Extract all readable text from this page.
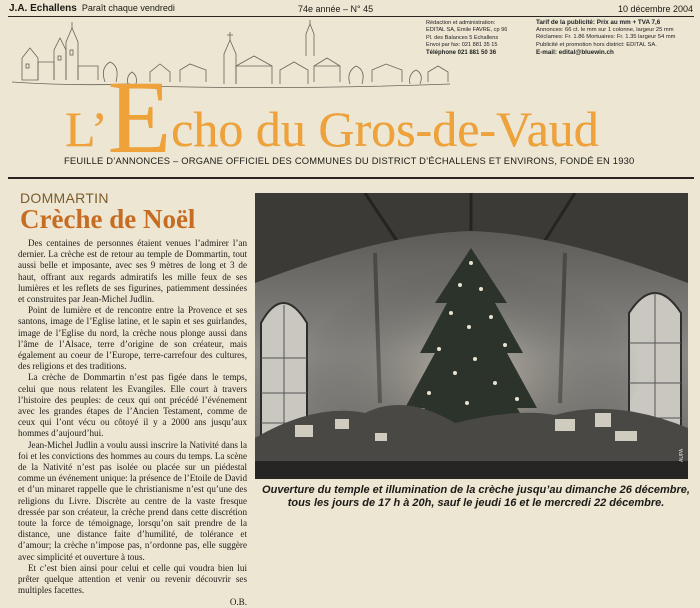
J.A. Echallens Paraît chaque vendredi	74e année – N° 45	10 décembre 2004
Rédaction et administration:
EDITAL SA, Emile FAVRE, cp 96
Pl. des Balances 5 Echallens
Envoi par fax: 021 881 35 15
Téléphone 021 881 50 36
Tarif de la publicité: Prix au mm + TVA 7,6
Annonces: 66 ct. le mm sur 1 colonne, largeur 25 mm
Réclames: Fr. 1.86 Mortuaires: Fr. 1.35 largeur 54 mm
Publicité et promotion hors district: EDITAL SA.
E-mail: edital@bluewin.ch
L’Echo du Gros-de-Vaud
FEUILLE D’ANNONCES – ORGANE OFFICIEL DES COMMUNES DU DISTRICT D’ÉCHALLENS ET ENVIRONS, FONDÉ EN 1930
DOMMARTIN
Crèche de Noël

Des centaines de personnes étaient venues l’admirer l’an dernier. La crèche est de retour au temple de Dommartin, tout aussi belle et imposante, avec ses 9 mètres de long et 3 de haut, offrant aux regards admiratifs les mille feux de ses lumières et les reflets de ses figurines, patiemment dessinées et construites par Jean-Michel Judlin.

Point de lumière et de rencontre entre la Provence et ses santons, image de l’Eglise latine, et le sapin et ses guirlandes, image de l’Eglise du nord, la crèche nous plonge aussi dans l’âme de l’Alsace, terre d’origine de son créateur, mais également au coeur de l’Europe, terre-carrefour des cultures, des religions et des traditions.

La crèche de Dommartin n’est pas figée dans le temps, celui que nous relatent les Evangiles. Elle court à travers l’histoire des peuples: de ceux qui ont précédé l’événement avec les grandes étapes de l’Ancien Testament, comme de ceux qui l’ont vécu ou côtoyé il y a 2000 ans jusqu’aux hommes d’aujourd’hui.

Jean-Michel Judlin a voulu aussi inscrire la Nativité dans la foi et les convictions des hommes au cours du temps. La scène de la Nativité n’est pas isolée ou placée sur un piédestal comme un événement unique: la présence de l’Etoile de David et d’un minaret rappelle que le christianisme n’est qu’une des religions du Livre. Discrète au centre de la vaste fresque dressée par son créateur, la crèche prend dans cette discrétion toute la force de témoignage, lorsqu’on sait prendre de la distance, une distance faite d’humilité, de tolérance et d’amour; la crèche n’impose pas, n’ordonne pas, elle suggère avec simplicité et ouverture à tous.

Et c’est bien ainsi pour celui et celle qui voudra bien lui prêter quelque attention et venir ou revenir découvrir ses multiples facettes.

O.B.

AUPA
Ouverture du temple et illumination de la crèche jusqu’au dimanche 26 décembre, tous les jours de 17 h à 20h, sauf le jeudi 16 et le mercredi 22 décembre.
